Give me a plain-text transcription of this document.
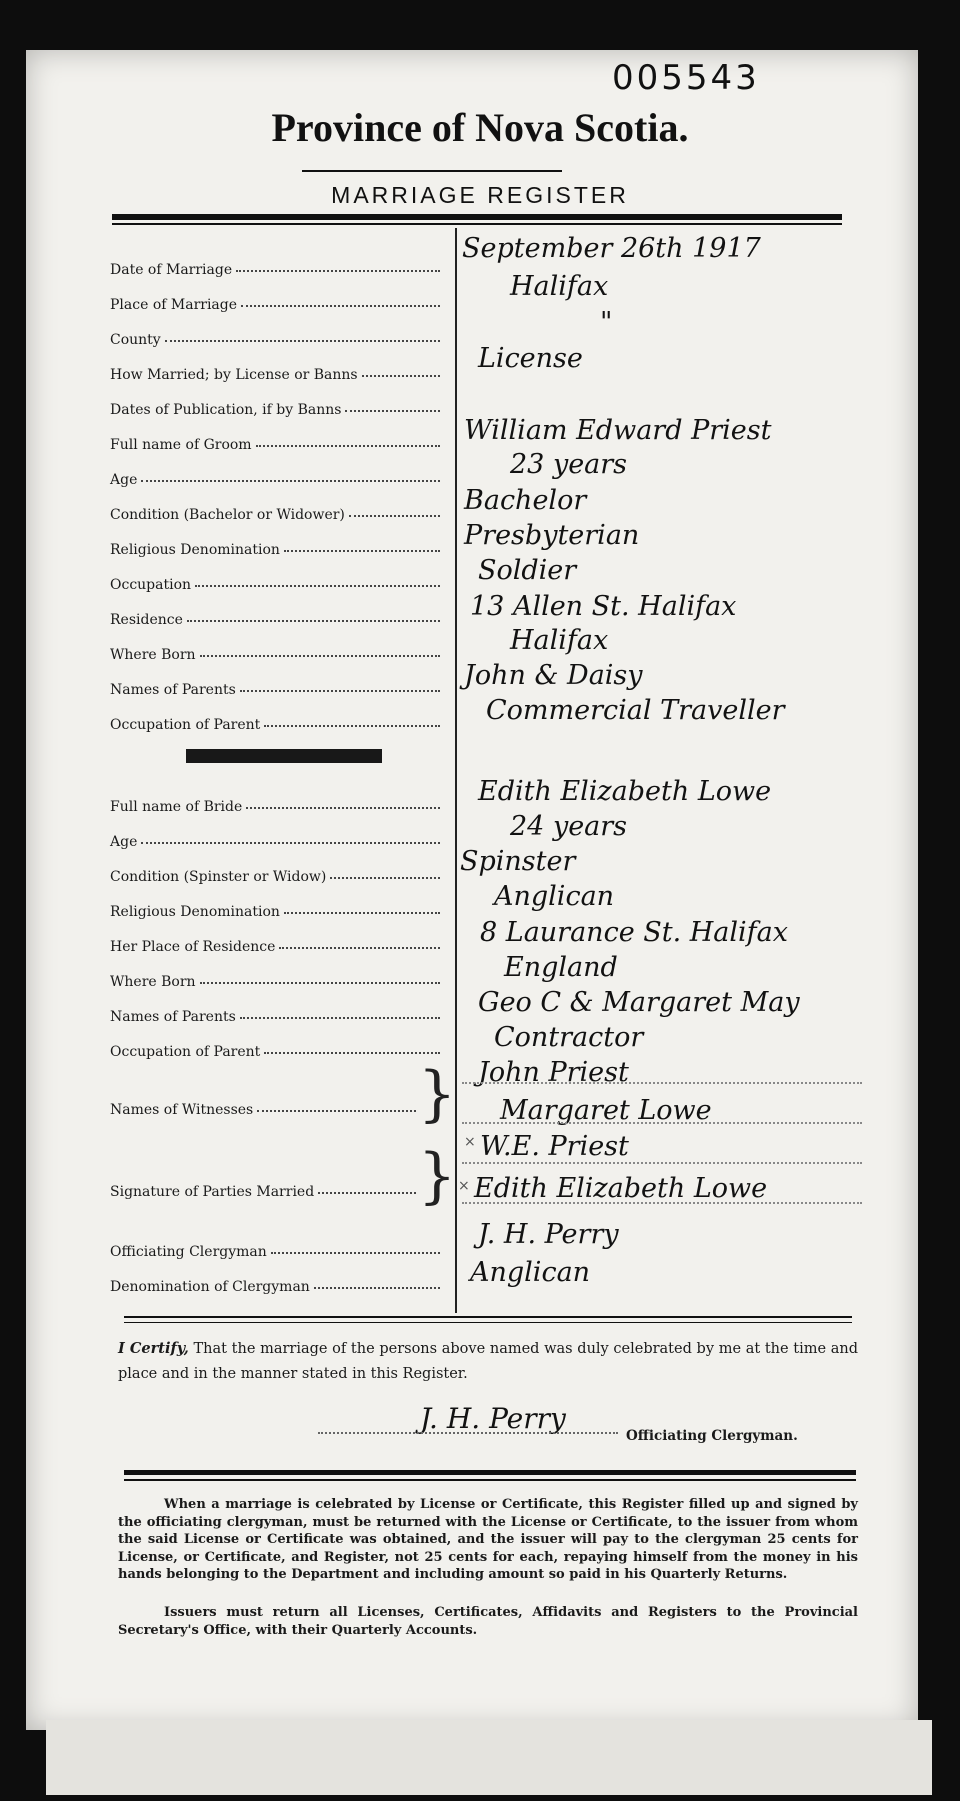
005543
Province of Nova Scotia.
MARRIAGE REGISTER
Date of Marriage
Place of Marriage
County
How Married; by License or Banns
Dates of Publication, if by Banns
Full name of Groom
Age
Condition (Bachelor or Widower)
Religious Denomination
Occupation
Residence
Where Born
Names of Parents
Occupation of Parent
Full name of Bride
Age
Condition (Spinster or Widow)
Religious Denomination
Her Place of Residence
Where Born
Names of Parents
Occupation of Parent
Names of Witnesses	}
Signature of Parties Married }
Officiating Clergyman
Denomination of Clergyman
September 26th 1917
Halifax
"
License
William Edward Priest
23 years
Bachelor
Presbyterian
Soldier
13 Allen St. Halifax
Halifax
John & Daisy
Commercial Traveller
Edith Elizabeth Lowe
24 years
Spinster
Anglican
8 Laurance St. Halifax
England
Geo C & Margaret May
Contractor
John Priest
Margaret Lowe
× W.E. Priest
× Edith Elizabeth Lowe
J. H. Perry
Anglican
I Certify, That the marriage of the persons above named was duly celebrated by me at the time and place and in the manner stated in this Register.
J. H. Perry
Officiating Clergyman.
When a marriage is celebrated by License or Certificate, this Register filled up and signed by the officiating clergyman, must be returned with the License or Certificate, to the issuer from whom the said License or Certificate was obtained, and the issuer will pay to the clergyman 25 cents for License, or Certificate, and Register, not 25 cents for each, repaying himself from the money in his hands belonging to the Department and including amount so paid in his Quarterly Returns.
Issuers must return all Licenses, Certificates, Affidavits and Registers to the Provincial Secretary's Office, with their Quarterly Accounts.
